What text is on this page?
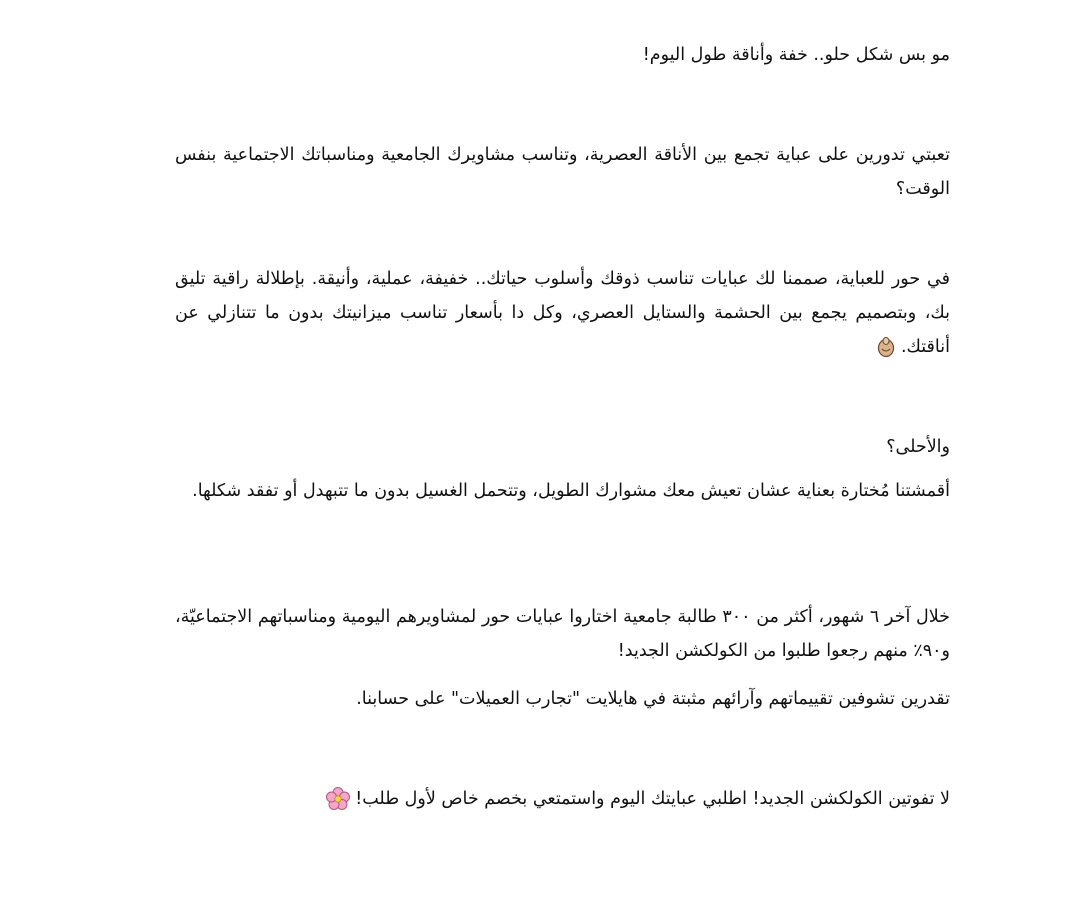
مو بس شكل حلو.. خفة وأناقة طول اليوم!

تعبتي تدورين على عباية تجمع بين الأناقة العصرية، وتناسب مشاويرك الجامعية ومناسباتك الاجتماعية بنفس الوقت؟

في حور للعباية، صممنا لك عبايات تناسب ذوقك وأسلوب حياتك.. خفيفة، عملية، وأنيقة. بإطلالة راقية تليق بك، وبتصميم يجمع بين الحشمة والستايل العصري، وكل دا بأسعار تناسب ميزانيتك بدون ما تتنازلي عن أناقتك.

والأحلى؟

أقمشتنا مُختارة بعناية عشان تعيش معك مشوارك الطويل، وتتحمل الغسيل بدون ما تتبهدل أو تفقد شكلها.

خلال آخر ٦ شهور، أكثر من ٣٠٠ طالبة جامعية اختاروا عبايات حور لمشاويرهم اليومية ومناسباتهم الاجتماعيّة، و٩٠٪ منهم رجعوا طلبوا من الكولكشن الجديد!

تقدرين تشوفين تقييماتهم وآرائهم مثبتة في هايلايت "تجارب العميلات" على حسابنا.

لا تفوتين الكولكشن الجديد! اطلبي عبايتك اليوم واستمتعي بخصم خاص لأول طلب!
